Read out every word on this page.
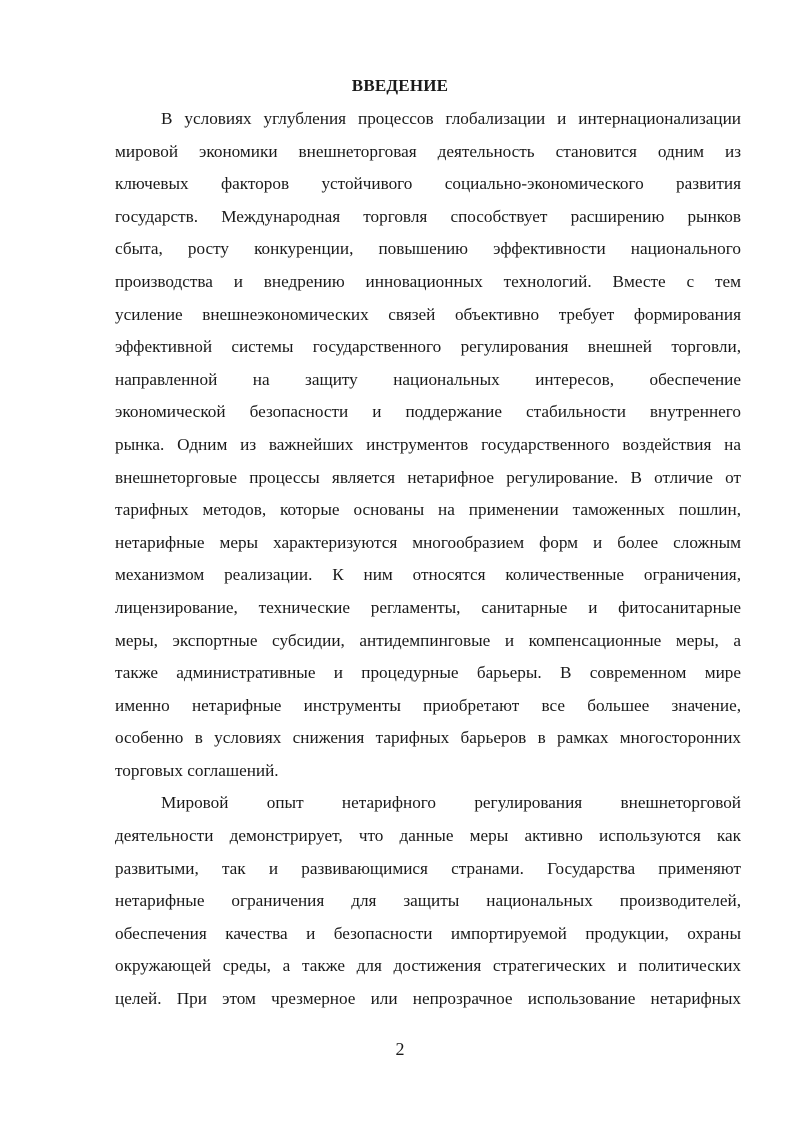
ВВЕДЕНИЕ
В условиях углубления процессов глобализации и интернационализации
мировой экономики внешнеторговая деятельность становится одним из
ключевых факторов устойчивого социально-экономического развития
государств. Международная торговля способствует расширению рынков
сбыта, росту конкуренции, повышению эффективности национального
производства и внедрению инновационных технологий. Вместе с тем
усиление внешнеэкономических связей объективно требует формирования
эффективной системы государственного регулирования внешней торговли,
направленной на защиту национальных интересов, обеспечение
экономической безопасности и поддержание стабильности внутреннего
рынка. Одним из важнейших инструментов государственного воздействия на
внешнеторговые процессы является нетарифное регулирование. В отличие от
тарифных методов, которые основаны на применении таможенных пошлин,
нетарифные меры характеризуются многообразием форм и более сложным
механизмом реализации. К ним относятся количественные ограничения,
лицензирование, технические регламенты, санитарные и фитосанитарные
меры, экспортные субсидии, антидемпинговые и компенсационные меры, а
также административные и процедурные барьеры. В современном мире
именно нетарифные инструменты приобретают все большее значение,
особенно в условиях снижения тарифных барьеров в рамках многосторонних
торговых соглашений.
Мировой опыт нетарифного регулирования внешнеторговой
деятельности демонстрирует, что данные меры активно используются как
развитыми, так и развивающимися странами. Государства применяют
нетарифные ограничения для защиты национальных производителей,
обеспечения качества и безопасности импортируемой продукции, охраны
окружающей среды, а также для достижения стратегических и политических
целей. При этом чрезмерное или непрозрачное использование нетарифных
2
